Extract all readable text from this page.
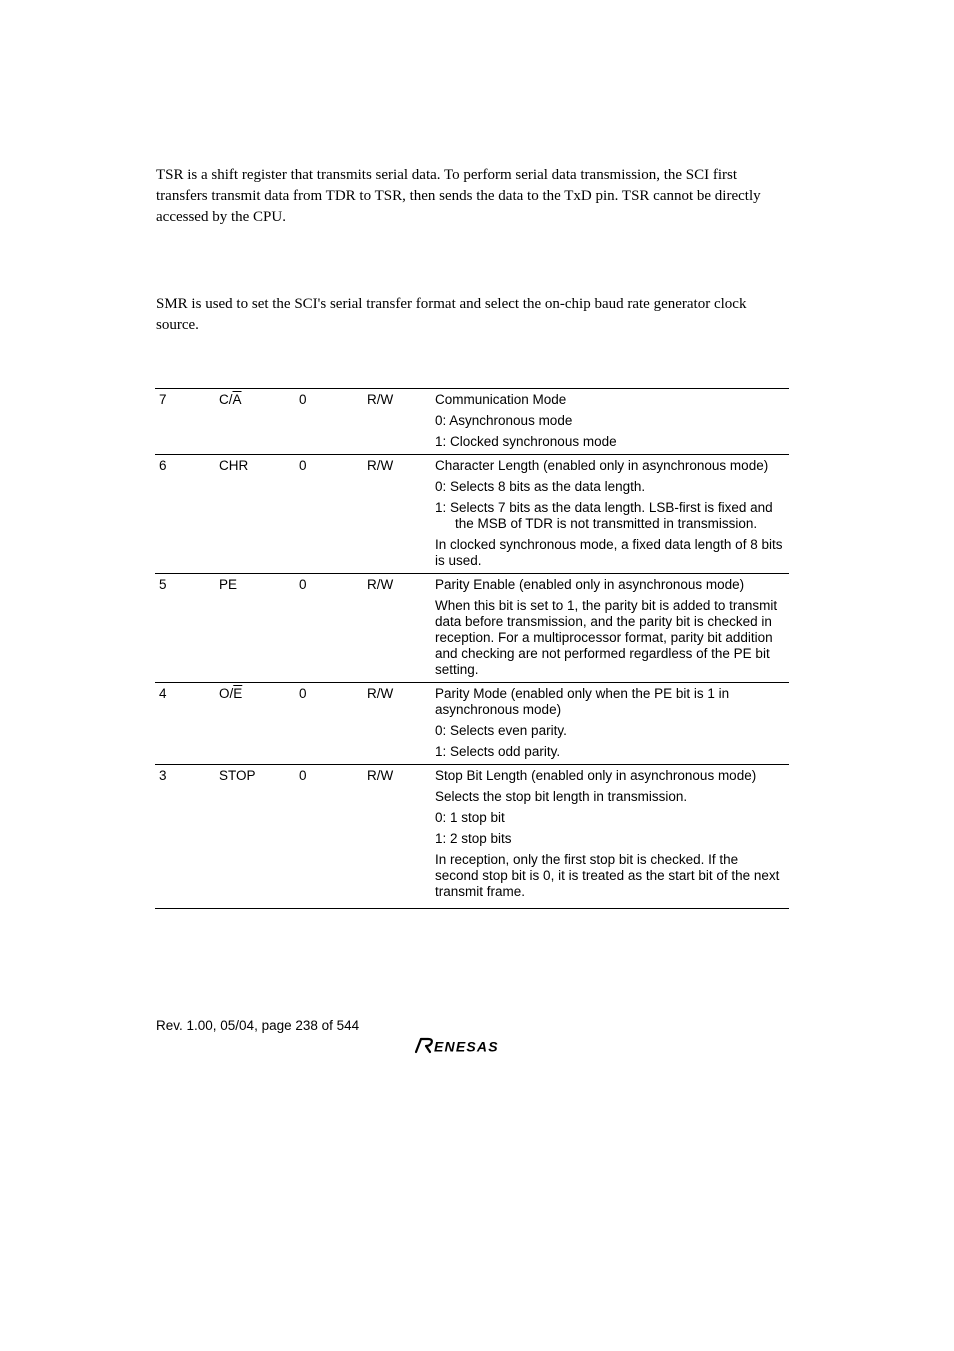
TSR is a shift register that transmits serial data. To perform serial data transmission, the SCI first transfers transmit data from TDR to TSR, then sends the data to the TxD pin. TSR cannot be directly accessed by the CPU.

SMR is used to set the SCI's serial transfer format and select the on-chip baud rate generator clock source.

7	$C/\overline{A}$	0	R/W	Communication Mode
0: Asynchronous mode
1: Clocked synchronous mode

6	CHR	0	R/W	Character Length (enabled only in asynchronous mode)
0: Selects 8 bits as the data length.
1: Selects 7 bits as the data length. LSB-first is fixed and the MSB of TDR is not transmitted in transmission.
In clocked synchronous mode, a fixed data length of 8 bits is used.

5	PE	0	R/W	Parity Enable (enabled only in asynchronous mode)
When this bit is set to 1, the parity bit is added to transmit data before transmission, and the parity bit is checked in reception. For a multiprocessor format, parity bit addition and checking are not performed regardless of the PE bit setting.

4	$O/\overline{E}$	0	R/W	Parity Mode (enabled only when the PE bit is 1 in asynchronous mode)
0: Selects even parity.
1: Selects odd parity.

3	STOP	0	R/W	Stop Bit Length (enabled only in asynchronous mode)
Selects the stop bit length in transmission.
0: 1 stop bit
1: 2 stop bits
In reception, only the first stop bit is checked. If the second stop bit is 0, it is treated as the start bit of the next transmit frame.
Rev. 1.00, 05/04, page 238 of 544
ENESAS
